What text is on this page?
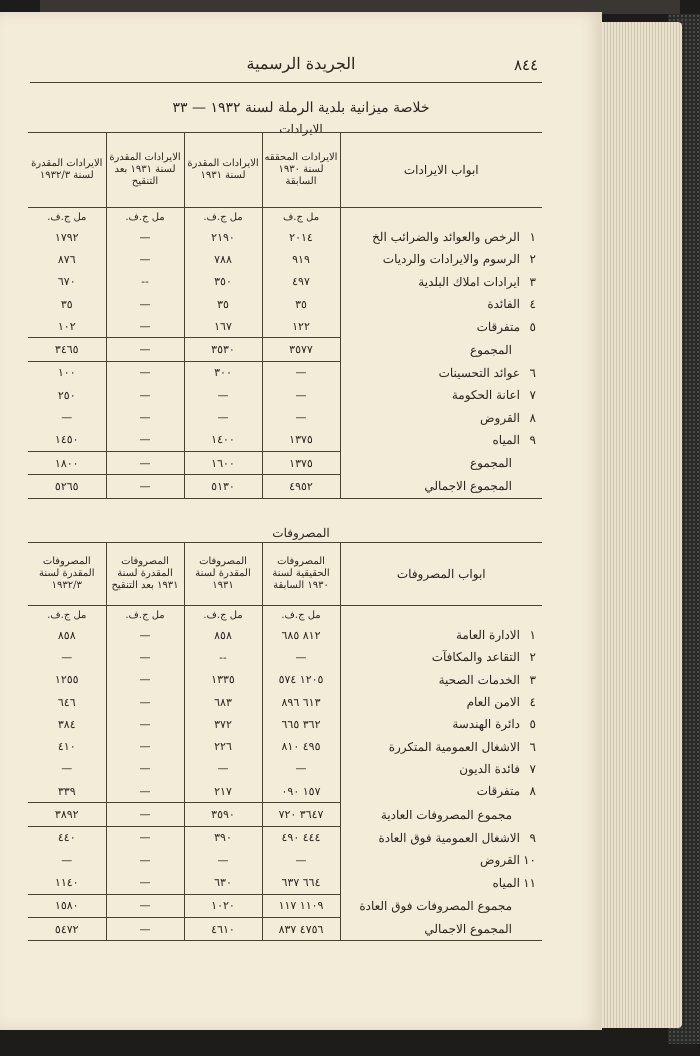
٨٤٤
الجريدة الرسمية
خلاصة ميزانية بلدية الرملة لسنة ١٩٣٢ — ٣٣
الايرادات
ابواب الايرادات	الايرادات المحققه لسنة ١٩٣٠ السابقة	الايرادات المقدرة لسنة ١٩٣١	الايرادات المقدرة لسنة ١٩٣١ بعد التنقيح	الايرادات المقدرة لسنة ١٩٣٢/٣
	مل ج.ف	مل ج.ف.	مل ج.ف.	مل ج.ف.
١الرخص والعوائد والضرائب الخ	٢٠١٤	٢١٩٠	—	١٧٩٢
٢الرسوم والايرادات والرديات	٩١٩	٧٨٨	—	٨٧٦
٣ايرادات املاك البلدية	٤٩٧	٣٥٠	--	٦٧٠
٤الفائدة	٣٥	٣٥	—	٣٥
٥متفرقات	١٢٢	١٦٧	—	١٠٢
المجموع	٣٥٧٧	٣٥٣٠	—	٣٤٦٥
٦عوائد التحسينات	—	٣٠٠	—	١٠٠
٧اعانة الحكومة	—	—	—	٢٥٠
٨القروض	—	—	—	—
٩المياه	١٣٧٥	١٤٠٠	—	١٤٥٠
المجموع	١٣٧٥	١٦٠٠	—	١٨٠٠
المجموع الاجمالي	٤٩٥٢	٥١٣٠	—	٥٢٦٥
المصروفات
ابواب المصروفات	المصروفات الحقيقية لسنة ١٩٣٠ السابقة	المصروفات المقدرة لسنة ١٩٣١	المصروفات المقدرة لسنة ١٩٣١ بعد التنقيح	المصروفات المقدرة لسنة ١٩٣٢/٣
	مل ج.ف.	مل ج.ف.	مل ج.ف.	مل ج.ف.
١الادارة العامة	٨١٢ ٦٨٥	٨٥٨	—	٨٥٨
٢التقاعد والمكافآت	—	--	—	—
٣الخدمات الصحية	١٢٠٥ ٥٧٤	١٣٣٥	—	١٢٥٥
٤الامن العام	٦١٣ ٨٩٦	٦٨٣	—	٦٤٦
٥دائرة الهندسة	٣٦٢ ٦٦٥	٣٧٢	—	٣٨٤
٦الاشغال العمومية المتكررة	٤٩٥ ٨١٠	٢٢٦	—	٤١٠
٧فائدة الديون	—	—	—	—
٨متفرقات	١٥٧ ٠٩٠	٢١٧	—	٣٣٩
مجموع المصروفات العادية	٣٦٤٧ ٧٢٠	٣٥٩٠	—	٣٨٩٢
٩الاشغال العمومية فوق العادة	٤٤٤ ٤٩٠	٣٩٠	—	٤٤٠
١٠القروض	—	—	—	—
١١المياه	٦٦٤ ٦٣٧	٦٣٠	—	١١٤٠
مجموع المصروفات فوق العادة	١١٠٩ ١١٧	١٠٢٠	—	١٥٨٠
المجموع الاجمالي	٤٧٥٦ ٨٣٧	٤٦١٠	—	٥٤٧٢
